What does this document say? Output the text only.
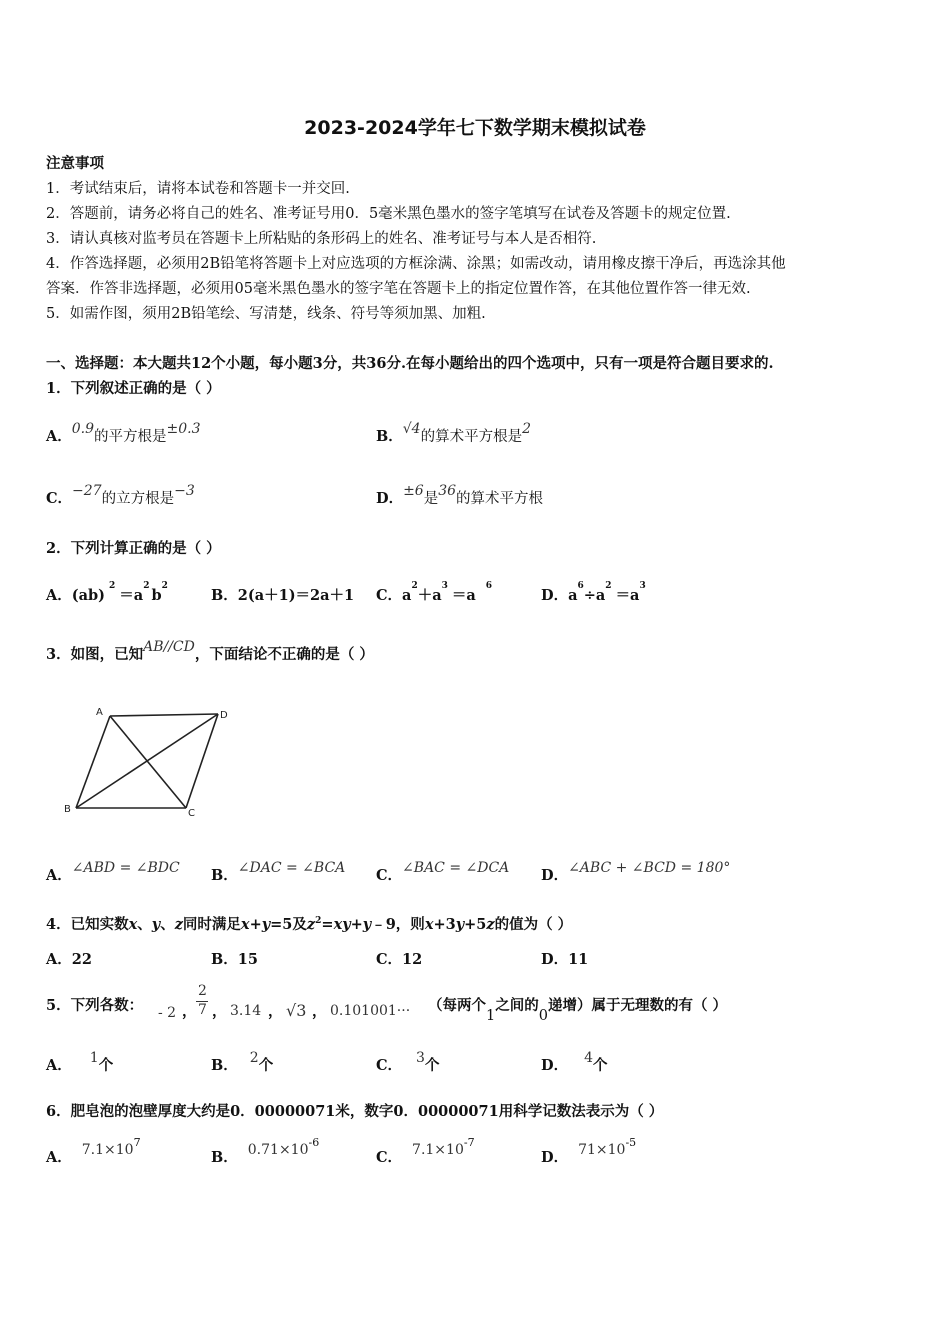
2023-2024学年七下数学期末模拟试卷
注意事项
1．考试结束后，请将本试卷和答题卡一并交回.
2．答题前，请务必将自己的姓名、准考证号用0．5毫米黑色墨水的签字笔填写在试卷及答题卡的规定位置.
3．请认真核对监考员在答题卡上所粘贴的条形码上的姓名、准考证号与本人是否相符.
4．作答选择题，必须用2B铅笔将答题卡上对应选项的方框涂满、涂黑；如需改动，请用橡皮擦干净后，再选涂其他
答案．作答非选择题，必须用05毫米黑色墨水的签字笔在答题卡上的指定位置作答，在其他位置作答一律无效.
5．如需作图，须用2B铅笔绘、写清楚，线条、符号等须加黑、加粗.
一、选择题：本大题共12个小题，每小题3分，共36分.在每小题给出的四个选项中，只有一项是符合题目要求的.
1．下列叙述正确的是（ ）
A．0.9的平方根是±0.3	B．√4的算术平方根是2
C．−27的立方根是−3	D．±6是36的算术平方根
2．下列计算正确的是（ ）
A．$(ab)^2=a^2b^2$
B．2(a＋1)＝2a＋1 C．$a^2+a^3=a^6$
D．$a^6\div a^2=a^3$
3．如图，已知AB//CD，下面结论不正确的是（ ）
A	D
B	C
A．∠ABD = ∠BDC B．∠DAC = ∠BCA C．∠BAC = ∠DCA D．∠ABC + ∠BCD = 180°
4．已知实数x、y、z同时满足x+y=5及$z^2=xy+y﹣9$，则x+3y+5z的值为（ ）
A．22	B．15	C．12	D．11
5．下列各数： - 2 ，
2
7 ， 3.14 ， √3 ， 0.101001··· （每两个1之间的0递增）属于无理数的有（ ）
A． 1个	B． 2个	C． 3个	D． 4个
6．肥皂泡的泡壁厚度大约是0．00000071米，数字0．00000071用科学记数法表示为（ ）
A． $7.1\times 10^7$
B． $0.71\times 10^{-6}$
C． $7.1\times 10^{-7}$
D． $71\times 10^{-5}$
